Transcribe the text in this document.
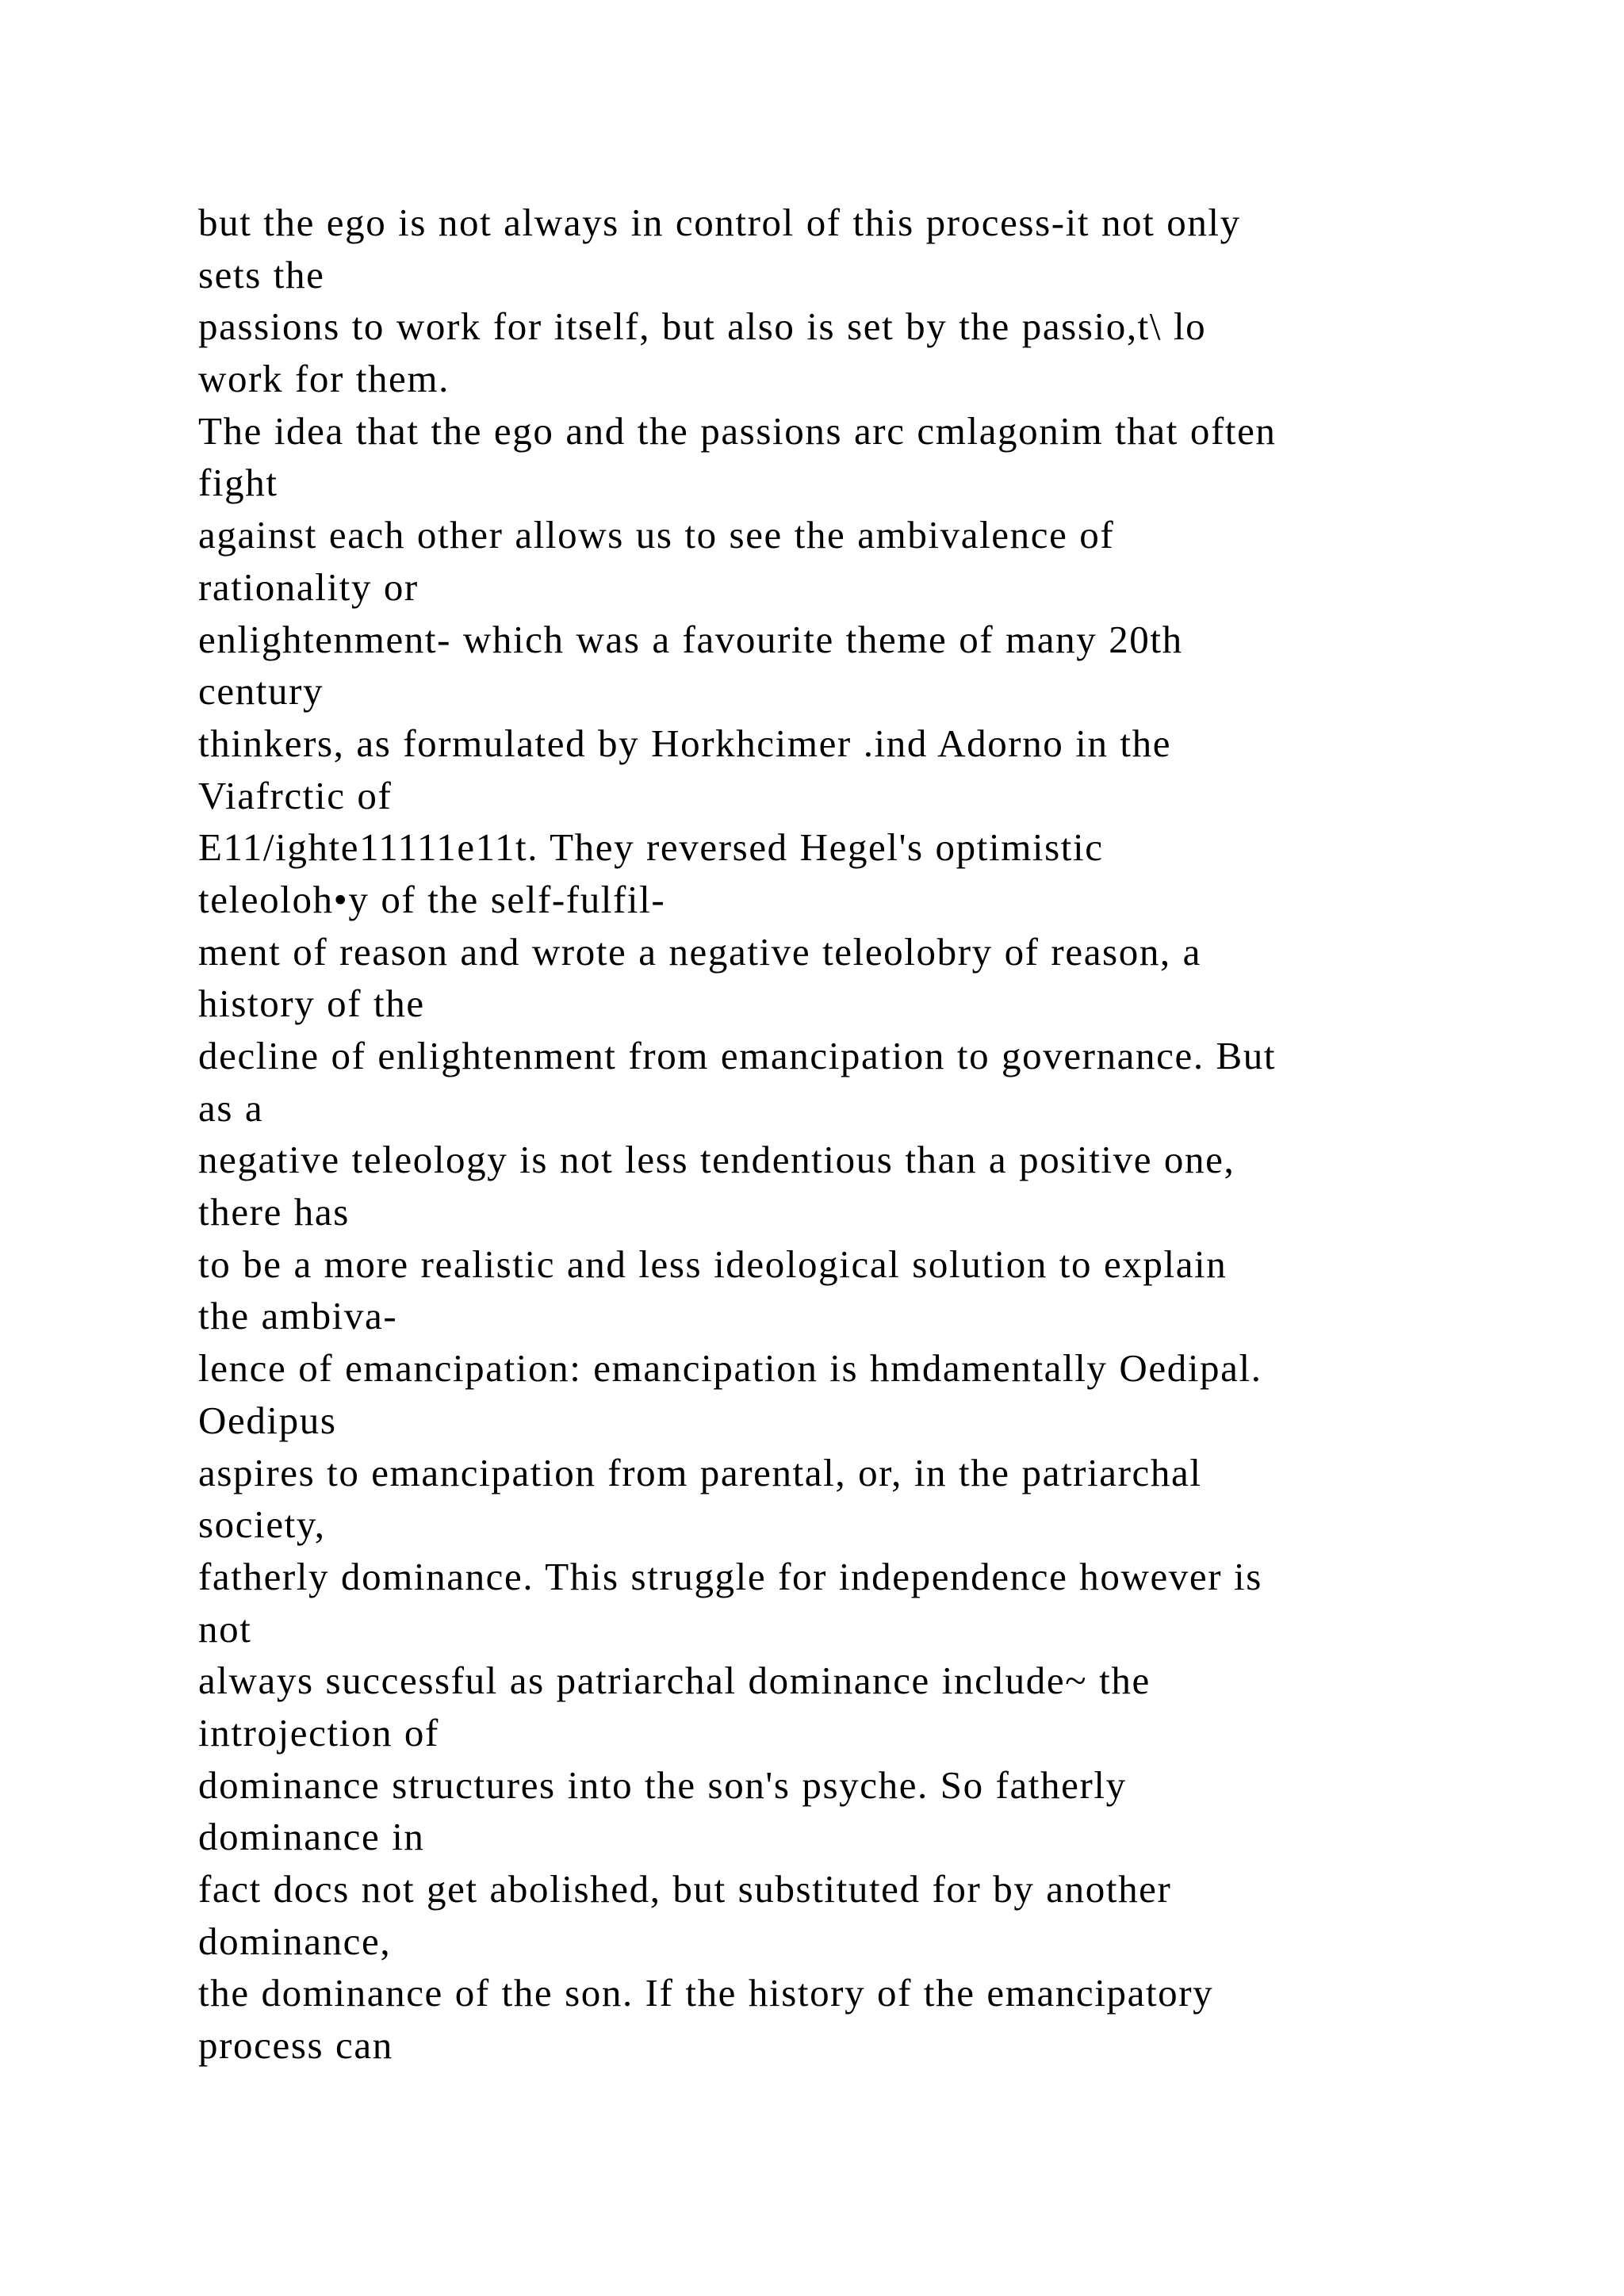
but the ego is not always in control of this process-it not only
sets the
passions to work for itself, but also is set by the passio,t\ lo
work for them.
The idea that the ego and the passions arc cmlagonim that often
fight
against each other allows us to see the ambivalence of
rationality or
enlightenment- which was a favourite theme of many 20th
century
thinkers, as formulated by Horkhcimer .ind Adorno in the
Viafrctic of
E11/ighte11111e11t. They reversed Hegel's optimistic
teleoloh•y of the self-fulfil-
ment of reason and wrote a negative teleolobry of reason, a
history of the
decline of enlightenment from emancipation to governance. But
as a
negative teleology is not less tendentious than a positive one,
there has
to be a more realistic and less ideological solution to explain
the ambiva-
lence of emancipation: emancipation is hmdamentally Oedipal.
Oedipus
aspires to emancipation from parental, or, in the patriarchal
society,
fatherly dominance. This struggle for independence however is
not
always successful as patriarchal dominance include~ the
introjection of
dominance structures into the son's psyche. So fatherly
dominance in
fact docs not get abolished, but substituted for by another
dominance,
the dominance of the son. If the history of the emancipatory
process can
